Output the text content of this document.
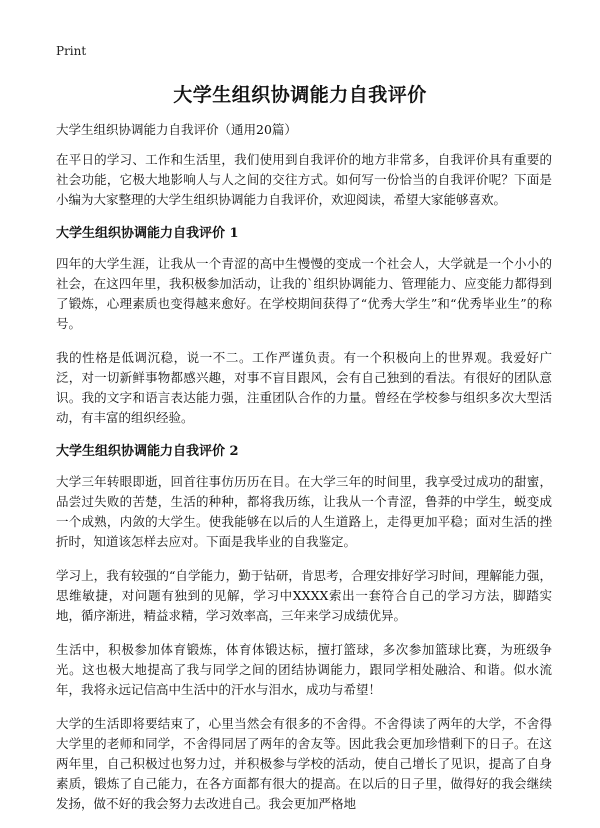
Print
大学生组织协调能力自我评价
大学生组织协调能力自我评价（通用20篇）

在平日的学习、工作和生活里，我们使用到自我评价的地方非常多，自我评价具有重要的社会功能，它极大地影响人与人之间的交往方式。如何写一份恰当的自我评价呢？下面是小编为大家整理的大学生组织协调能力自我评价，欢迎阅读，希望大家能够喜欢。

大学生组织协调能力自我评价 1

四年的大学生涯，让我从一个青涩的高中生慢慢的变成一个社会人，大学就是一个小小的社会，在这四年里，我积极参加活动，让我的`组织协调能力、管理能力、应变能力都得到了锻炼，心理素质也变得越来愈好。在学校期间获得了“优秀大学生”和“优秀毕业生”的称号。

我的性格是低调沉稳，说一不二。工作严谨负责。有一个积极向上的世界观。我爱好广泛，对一切新鲜事物都感兴趣，对事不盲目跟风，会有自己独到的看法。有很好的团队意识。我的文字和语言表达能力强，注重团队合作的力量。曾经在学校参与组织多次大型活动，有丰富的组织经验。

大学生组织协调能力自我评价 2

大学三年转眼即逝，回首往事仿历历在目。在大学三年的时间里，我享受过成功的甜蜜，品尝过失败的苦楚，生活的种种，都将我历练，让我从一个青涩，鲁莽的中学生，蜕变成一个成熟，内敛的大学生。使我能够在以后的人生道路上，走得更加平稳；面对生活的挫折时，知道该怎样去应对。下面是我毕业的自我鉴定。

学习上，我有较强的“自学能力，勤于钻研，肯思考，合理安排好学习时间，理解能力强，思维敏捷，对问题有独到的见解，学习中XXXX索出一套符合自己的学习方法，脚踏实地，循序渐进，精益求精，学习效率高，三年来学习成绩优异。

生活中，积极参加体育锻炼，体育体锻达标，擅打篮球，多次参加篮球比赛，为班级争光。这也极大地提高了我与同学之间的团结协调能力，跟同学相处融洽、和谐。似水流年，我将永远记信高中生活中的汗水与泪水，成功与希望！

大学的生活即将要结束了，心里当然会有很多的不舍得。不舍得读了两年的大学，不舍得大学里的老师和同学，不舍得同居了两年的舍友等。因此我会更加珍惜剩下的日子。在这两年里，自己积极过也努力过，并积极参与学校的活动，使自己增长了见识，提高了自身素质，锻炼了自己能力，在各方面都有很大的提高。在以后的日子里，做得好的我会继续发扬，做不好的我会努力去改进自己。我会更加严格地
